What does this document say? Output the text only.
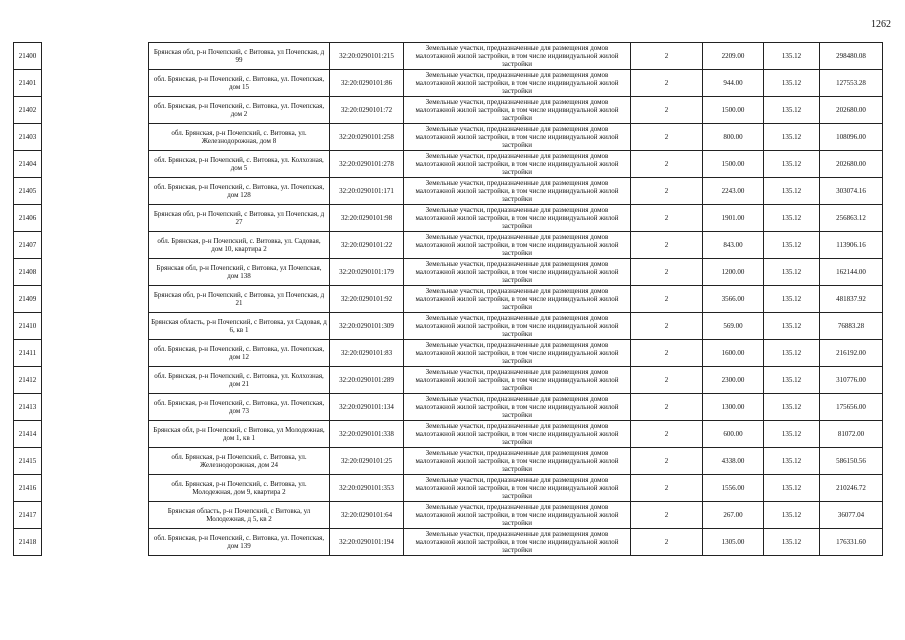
1262
21400		Брянская обл, р-н Почепский, с Витовка, ул Почепская, д 99	32:20:0290101:215	Земельные участки, предназначенные для размещения домов малоэтажной жилой застройки, в том числе индивидуальной жилой застройки	2	2209.00	135.12	298480.08
21401		обл. Брянская, р-н Почепский, с. Витовка, ул. Почепская, дом 15	32:20:0290101:86	Земельные участки, предназначенные для размещения домов малоэтажной жилой застройки, в том числе индивидуальной жилой застройки	2	944.00	135.12	127553.28
21402		обл. Брянская, р-н Почепский, с. Витовка, ул. Почепская, дом 2	32:20:0290101:72	Земельные участки, предназначенные для размещения домов малоэтажной жилой застройки, в том числе индивидуальной жилой застройки	2	1500.00	135.12	202680.00
21403		обл. Брянская, р-н Почепский, с. Витовка, ул. Железнодорожная, дом 8	32:20:0290101:258	Земельные участки, предназначенные для размещения домов малоэтажной жилой застройки, в том числе индивидуальной жилой застройки	2	800.00	135.12	108096.00
21404		обл. Брянская, р-н Почепский, с. Витовка, ул. Колхозная, дом 5	32:20:0290101:278	Земельные участки, предназначенные для размещения домов малоэтажной жилой застройки, в том числе индивидуальной жилой застройки	2	1500.00	135.12	202680.00
21405		обл. Брянская, р-н Почепский, с. Витовка, ул. Почепская, дом 128	32:20:0290101:171	Земельные участки, предназначенные для размещения домов малоэтажной жилой застройки, в том числе индивидуальной жилой застройки	2	2243.00	135.12	303074.16
21406		Брянская обл, р-н Почепский, с Витовка, ул Почепская, д 27	32:20:0290101:98	Земельные участки, предназначенные для размещения домов малоэтажной жилой застройки, в том числе индивидуальной жилой застройки	2	1901.00	135.12	256863.12
21407		обл. Брянская, р-н Почепский, с. Витовка, ул. Садовая, дом 10, квартира 2	32:20:0290101:22	Земельные участки, предназначенные для размещения домов малоэтажной жилой застройки, в том числе индивидуальной жилой застройки	2	843.00	135.12	113906.16
21408		Брянская обл, р-н Почепский, с Витовка, ул Почепская, дом 138	32:20:0290101:179	Земельные участки, предназначенные для размещения домов малоэтажной жилой застройки, в том числе индивидуальной жилой застройки	2	1200.00	135.12	162144.00
21409		Брянская обл, р-н Почепский, с Витовка, ул Почепская, д 21	32:20:0290101:92	Земельные участки, предназначенные для размещения домов малоэтажной жилой застройки, в том числе индивидуальной жилой застройки	2	3566.00	135.12	481837.92
21410		Брянская область, р-н Почепский, с Витовка, ул Садовая, д 6, кв 1	32:20:0290101:309	Земельные участки, предназначенные для размещения домов малоэтажной жилой застройки, в том числе индивидуальной жилой застройки	2	569.00	135.12	76883.28
21411		обл. Брянская, р-н Почепский, с. Витовка, ул. Почепская, дом 12	32:20:0290101:83	Земельные участки, предназначенные для размещения домов малоэтажной жилой застройки, в том числе индивидуальной жилой застройки	2	1600.00	135.12	216192.00
21412		обл. Брянская, р-н Почепский, с. Витовка, ул. Колхозная, дом 21	32:20:0290101:289	Земельные участки, предназначенные для размещения домов малоэтажной жилой застройки, в том числе индивидуальной жилой застройки	2	2300.00	135.12	310776.00
21413		обл. Брянская, р-н Почепский, с. Витовка, ул. Почепская, дом 73	32:20:0290101:134	Земельные участки, предназначенные для размещения домов малоэтажной жилой застройки, в том числе индивидуальной жилой застройки	2	1300.00	135.12	175656.00
21414		Брянская обл, р-н Почепский, с Витовка, ул Молодежная, дом 1, кв 1	32:20:0290101:338	Земельные участки, предназначенные для размещения домов малоэтажной жилой застройки, в том числе индивидуальной жилой застройки	2	600.00	135.12	81072.00
21415		обл. Брянская, р-н Почепский, с. Витовка, ул. Железнодорожная, дом 24	32:20:0290101:25	Земельные участки, предназначенные для размещения домов малоэтажной жилой застройки, в том числе индивидуальной жилой застройки	2	4338.00	135.12	586150.56
21416		обл. Брянская, р-н Почепский, с. Витовка, ул. Молодежная, дом 9, квартира 2	32:20:0290101:353	Земельные участки, предназначенные для размещения домов малоэтажной жилой застройки, в том числе индивидуальной жилой застройки	2	1556.00	135.12	210246.72
21417		Брянская область, р-н Почепский, с Витовка, ул Молодежная, д 5, кв 2	32:20:0290101:64	Земельные участки, предназначенные для размещения домов малоэтажной жилой застройки, в том числе индивидуальной жилой застройки	2	267.00	135.12	36077.04
21418		обл. Брянская, р-н Почепский, с. Витовка, ул. Почепская, дом 139	32:20:0290101:194	Земельные участки, предназначенные для размещения домов малоэтажной жилой застройки, в том числе индивидуальной жилой застройки	2	1305.00	135.12	176331.60
